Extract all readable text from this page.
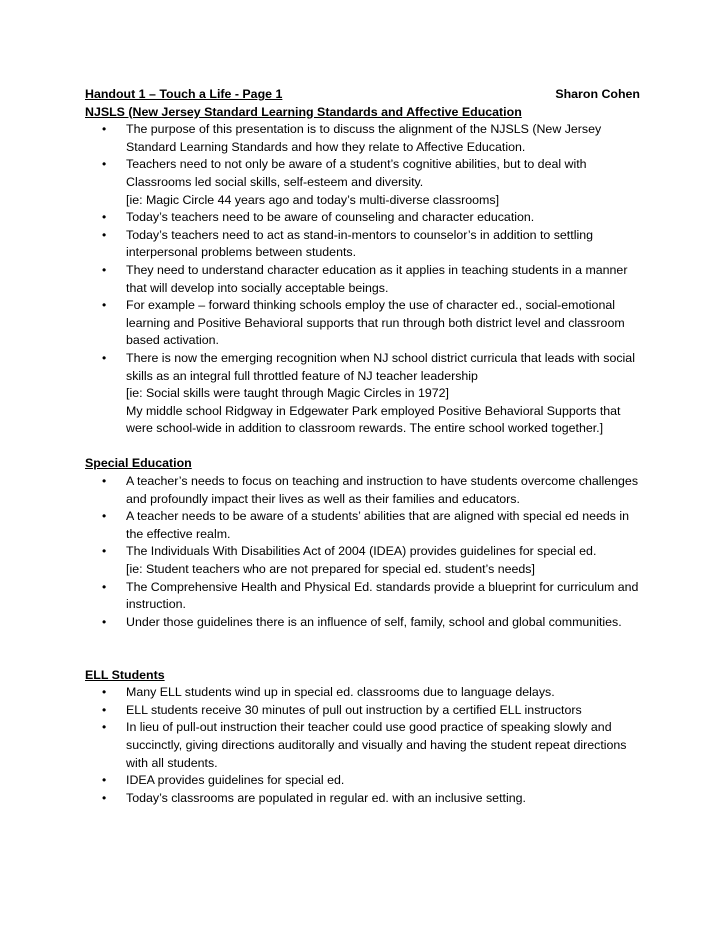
Handout 1 – Touch a Life - Page 1	Sharon Cohen
NJSLS (New Jersey Standard Learning Standards and Affective Education
• The purpose of this presentation is to discuss the alignment of the NJSLS (New Jersey Standard Learning Standards and how they relate to Affective Education.
• Teachers need to not only be aware of a student’s cognitive abilities, but to deal with Classrooms led social skills, self-esteem and diversity.
[ie: Magic Circle 44 years ago and today’s multi-diverse classrooms]
• Today’s teachers need to be aware of counseling and character education.
• Today’s teachers need to act as stand-in-mentors to counselor’s in addition to settling interpersonal problems between students.
• They need to understand character education as it applies in teaching students in a manner that will develop into socially acceptable beings.
• For example – forward thinking schools employ the use of character ed., social-emotional learning and Positive Behavioral supports that run through both district level and classroom based activation.
• There is now the emerging recognition when NJ school district curricula that leads with social skills as an integral full throttled feature of NJ teacher leadership
[ie: Social skills were taught through Magic Circles in 1972]
My middle school Ridgway in Edgewater Park employed Positive Behavioral Supports that were school-wide in addition to classroom rewards. The entire school worked together.]
Special Education
• A teacher’s needs to focus on teaching and instruction to have students overcome challenges and profoundly impact their lives as well as their families and educators.
• A teacher needs to be aware of a students’ abilities that are aligned with special ed needs in the effective realm.
• The Individuals With Disabilities Act of 2004 (IDEA) provides guidelines for special ed.
[ie: Student teachers who are not prepared for special ed. student’s needs]
• The Comprehensive Health and Physical Ed. standards provide a blueprint for curriculum and instruction.
• Under those guidelines there is an influence of self, family, school and global communities.
ELL Students
• Many ELL students wind up in special ed. classrooms due to language delays.
• ELL students receive 30 minutes of pull out instruction by a certified ELL instructors
• In lieu of pull-out instruction their teacher could use good practice of speaking slowly and succinctly, giving directions auditorally and visually and having the student repeat directions with all students.
• IDEA provides guidelines for special ed.
• Today’s classrooms are populated in regular ed. with an inclusive setting.
